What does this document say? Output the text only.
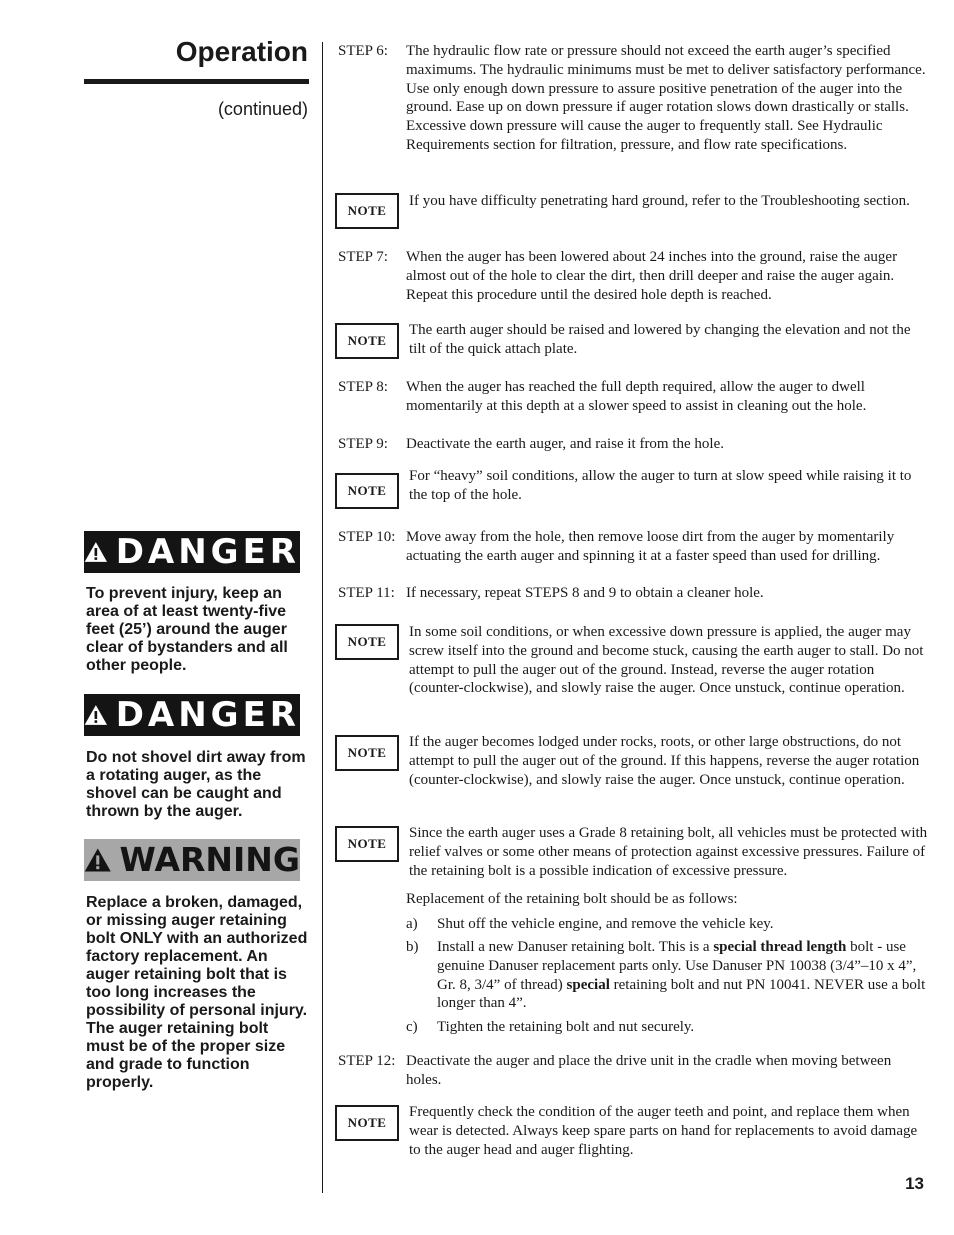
Operation
(continued)
DANGER

To prevent injury, keep an area of at least twenty-five feet (25’) around the auger clear of bystanders and all other people.

DANGER

Do not shovel dirt away from a rotating auger, as the shovel can be caught and thrown by the auger.

WARNING

Replace a broken, damaged, or missing auger retaining bolt ONLY with an authorized factory replacement. An auger retaining bolt that is too long increases the possibility of personal injury. The auger retaining bolt must be of the proper size and grade to function properly.

STEP 6: The hydraulic flow rate or pressure should not exceed the earth auger’s specified maximums. The hydraulic minimums must be met to deliver satisfactory performance. Use only enough down pressure to assure positive penetration of the auger into the ground. Ease up on down pressure if auger rotation slows down drastically or stalls. Excessive down pressure will cause the auger to frequently stall. See Hydraulic Requirements section for filtration, pressure, and flow rate specifications.
NOTE
If you have difficulty penetrating hard ground, refer to the Troubleshooting section.
STEP 7: When the auger has been lowered about 24 inches into the ground, raise the auger almost out of the hole to clear the dirt, then drill deeper and raise the auger again. Repeat this procedure until the desired hole depth is reached.
NOTE
The earth auger should be raised and lowered by changing the elevation and not the tilt of the quick attach plate.
STEP 8: When the auger has reached the full depth required, allow the auger to dwell momentarily at this depth at a slower speed to assist in cleaning out the hole.
STEP 9: Deactivate the earth auger, and raise it from the hole.
NOTE
For “heavy” soil conditions, allow the auger to turn at slow speed while raising it to the top of the hole.
STEP 10: Move away from the hole, then remove loose dirt from the auger by momentarily actuating the earth auger and spinning it at a faster speed than used for drilling.
STEP 11: If necessary, repeat STEPS 8 and 9 to obtain a cleaner hole.
NOTE
In some soil conditions, or when excessive down pressure is applied, the auger may screw itself into the ground and become stuck, causing the earth auger to stall. Do not attempt to pull the auger out of the ground. Instead, reverse the auger rotation (counter-clockwise), and slowly raise the auger. Once unstuck, continue operation.
NOTE
If the auger becomes lodged under rocks, roots, or other large obstructions, do not attempt to pull the auger out of the ground. If this happens, reverse the auger rotation (counter-clockwise), and slowly raise the auger. Once unstuck, continue operation.
NOTE
Since the earth auger uses a Grade 8 retaining bolt, all vehicles must be protected with relief valves or some other means of protection against excessive pressures. Failure of the retaining bolt is a possible indication of excessive pressure.
Replacement of the retaining bolt should be as follows:
a) Shut off the vehicle engine, and remove the vehicle key.
b) Install a new Danuser retaining bolt. This is a special thread length bolt - use genuine Danuser replacement parts only. Use Danuser PN 10038 (3/4”–10 x 4”, Gr. 8, 3/4” of thread) special retaining bolt and nut PN 10041. NEVER use a bolt longer than 4”.
c) Tighten the retaining bolt and nut securely.
STEP 12: Deactivate the auger and place the drive unit in the cradle when moving between holes.
NOTE
Frequently check the condition of the auger teeth and point, and replace them when wear is detected. Always keep spare parts on hand for replacements to avoid damage to the auger head and auger flighting.
13
